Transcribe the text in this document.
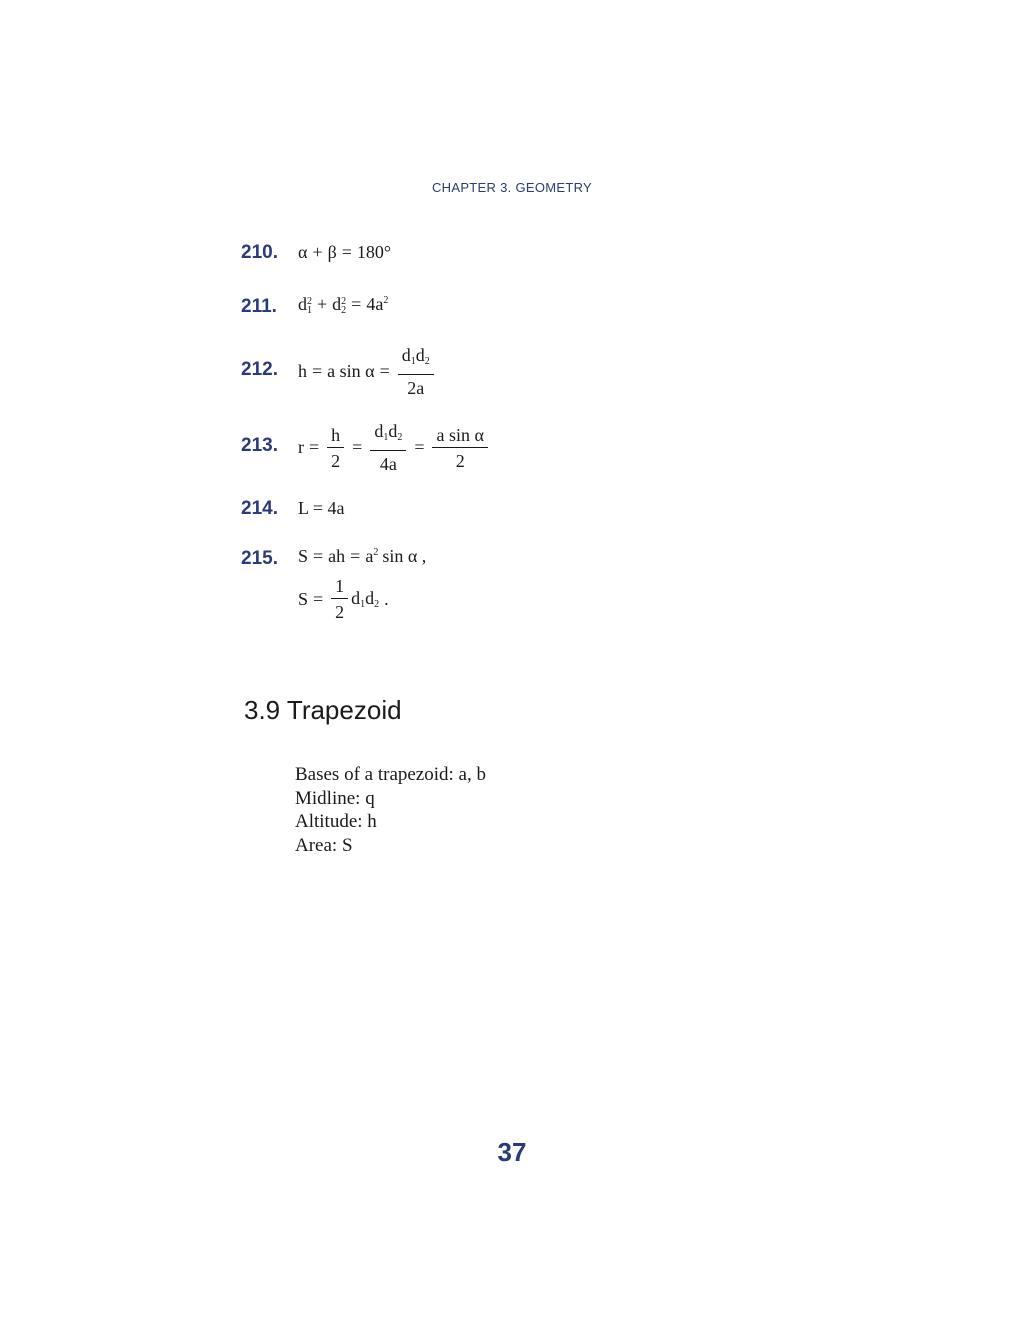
CHAPTER 3. GEOMETRY
210. α + β = 180°
211. d 2
1 + d 2
$2 = 4a^2$
212. h = a $\sin \alpha = \frac{d_1d_2}{2a}$
213. $r = \frac{h}{2} = \frac{d_1d_2}{4a} = \frac{\text{a sin α}}{2}$
214. L = 4a
215. S = ah = $a^2$ sin α ,
$S = \frac{1}{2} d_1d_2$ .
3.9 Trapezoid
Bases of a trapezoid: a, b
Midline: q
Altitude: h
Area: S
37
